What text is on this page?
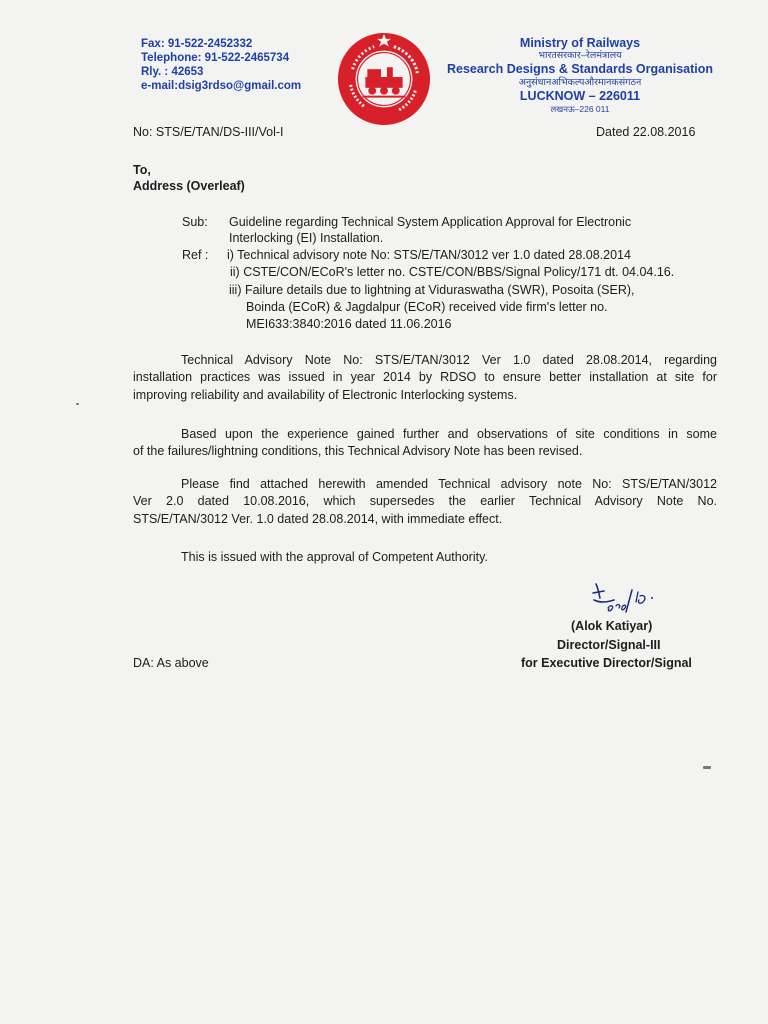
Fax: 91-522-2452332
Telephone: 91-522-2465734
Rly. : 42653
e-mail:dsig3rdso@gmail.com
Ministry of Railways
भारतसरकार–रेलमंत्रालय
Research Designs & Standards Organisation
अनुसंधानअभिकल्पऔरमानकसंगठन
LUCKNOW – 226011
लखनऊ–226 011
No: STS/E/TAN/DS-III/Vol-I	Dated 22.08.2016
To,
Address (Overleaf)
Sub: Guideline regarding Technical System Application Approval for Electronic
Interlocking (EI) Installation.
Ref : i) Technical advisory note No: STS/E/TAN/3012 ver 1.0 dated 28.08.2014
ii) CSTE/CON/ECoR's letter no. CSTE/CON/BBS/Signal Policy/171 dt. 04.04.16.
iii) Failure details due to lightning at Viduraswatha (SWR), Posoita (SER),
Boinda (ECoR) & Jagdalpur (ECoR) received vide firm's letter no.
MEI633:3840:2016 dated 11.06.2016
Technical Advisory Note No: STS/E/TAN/3012 Ver 1.0 dated 28.08.2014, regarding
installation practices was issued in year 2014 by RDSO to ensure better installation at site for
improving reliability and availability of Electronic Interlocking systems.
Based upon the experience gained further and observations of site conditions in some
of the failures/lightning conditions, this Technical Advisory Note has been revised.
Please find attached herewith amended Technical advisory note No: STS/E/TAN/3012
Ver 2.0 dated 10.08.2016, which supersedes the earlier Technical Advisory Note No.
STS/E/TAN/3012 Ver. 1.0 dated 28.08.2014, with immediate effect.
This is issued with the approval of Competent Authority.
(Alok Katiyar)
Director/Signal-III
for Executive Director/Signal
DA: As above
